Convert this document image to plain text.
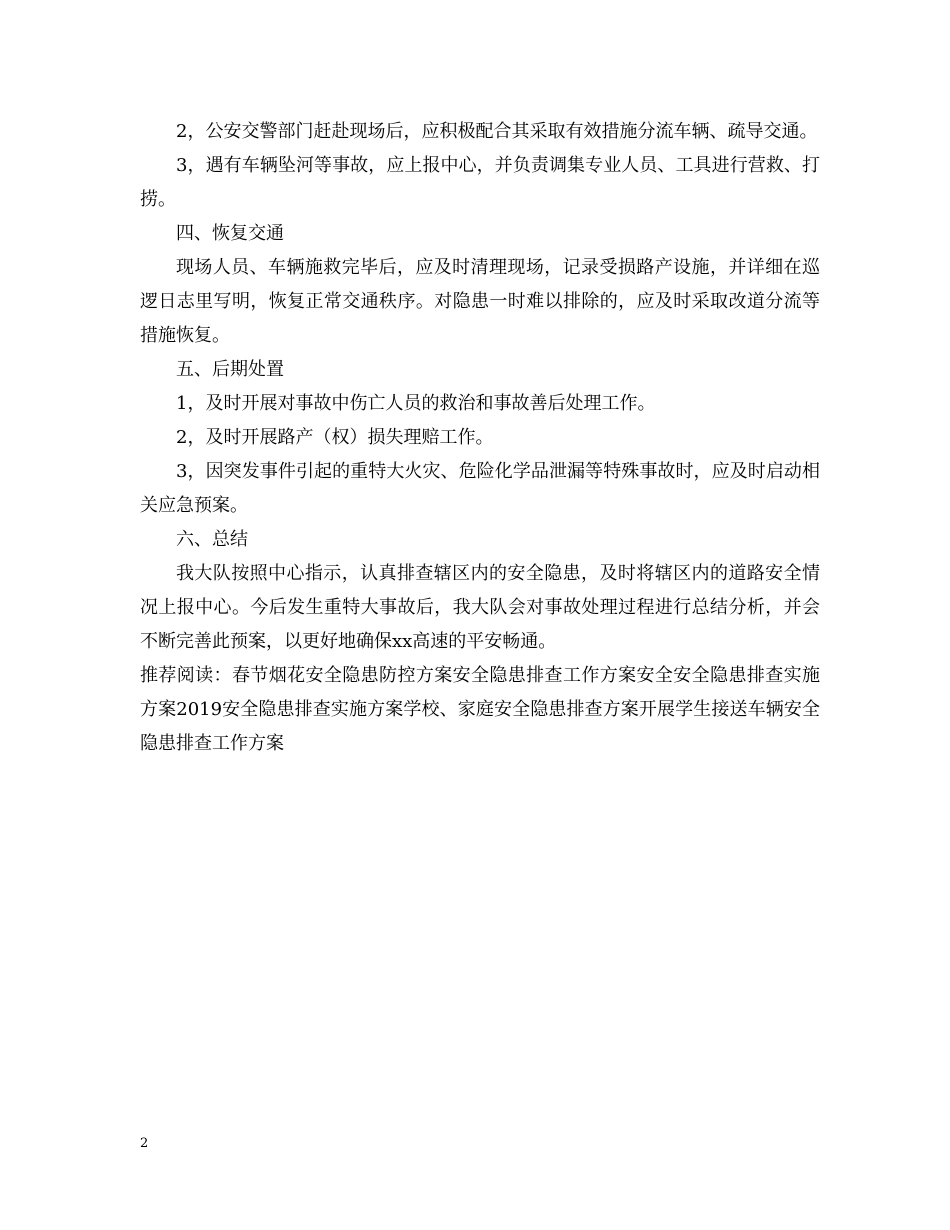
2，公安交警部门赶赴现场后，应积极配合其采取有效措施分流车辆、疏导交通。

3，遇有车辆坠河等事故，应上报中心，并负责调集专业人员、工具进行营救、打捞。

四、恢复交通

现场人员、车辆施救完毕后，应及时清理现场，记录受损路产设施，并详细在巡逻日志里写明，恢复正常交通秩序。对隐患一时难以排除的，应及时采取改道分流等措施恢复。

五、后期处置

1，及时开展对事故中伤亡人员的救治和事故善后处理工作。

2，及时开展路产（权）损失理赔工作。

3，因突发事件引起的重特大火灾、危险化学品泄漏等特殊事故时，应及时启动相关应急预案。

六、总结

我大队按照中心指示，认真排查辖区内的安全隐患，及时将辖区内的道路安全情况上报中心。今后发生重特大事故后，我大队会对事故处理过程进行总结分析，并会不断完善此预案，以更好地确保xx高速的平安畅通。

推荐阅读：春节烟花安全隐患防控方案安全隐患排查工作方案安全安全隐患排查实施方案2019安全隐患排查实施方案学校、家庭安全隐患排查方案开展学生接送车辆安全隐患排查工作方案

2
